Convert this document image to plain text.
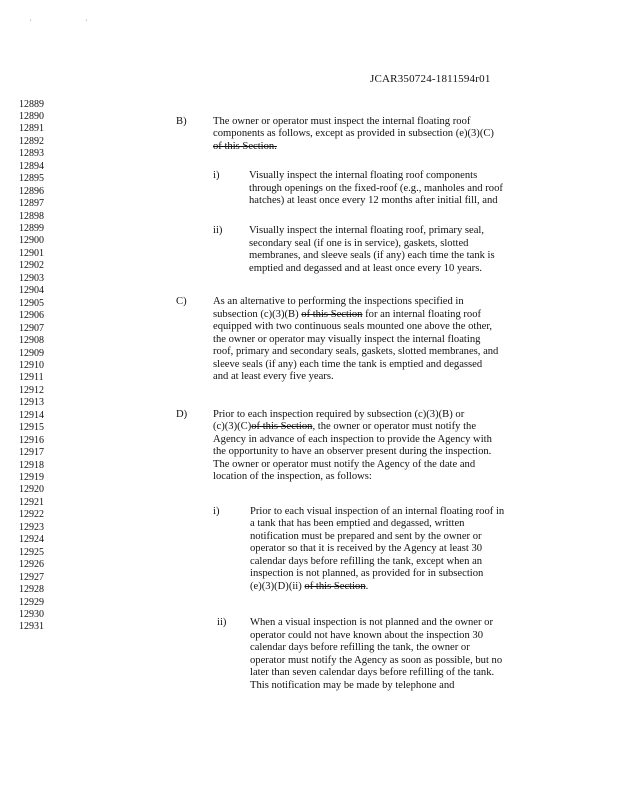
' '
JCAR350724-1811594r01
12889
12890
12891
12892
12893
12894
12895
12896
12897
12898
12899
12900
12901
12902
12903
12904
12905
12906
12907
12908
12909
12910
12911
12912
12913
12914
12915
12916
12917
12918
12919
12920
12921
12922
12923
12924
12925
12926
12927
12928
12929
12930
12931
B) The owner or operator must inspect the internal floating roof
components as follows, except as provided in subsection (e)(3)(C)
of this Section.
i)	Visually inspect the internal floating roof components
through openings on the fixed-roof (e.g., manholes and roof
hatches) at least once every 12 months after initial fill, and
ii)	Visually inspect the internal floating roof, primary seal,
secondary seal (if one is in service), gaskets, slotted
membranes, and sleeve seals (if any) each time the tank is
emptied and degassed and at least once every 10 years.
C) As an alternative to performing the inspections specified in
subsection (c)(3)(B) of this Section for an internal floating roof
equipped with two continuous seals mounted one above the other,
the owner or operator may visually inspect the internal floating
roof, primary and secondary seals, gaskets, slotted membranes, and
sleeve seals (if any) each time the tank is emptied and degassed
and at least every five years.
D) Prior to each inspection required by subsection (c)(3)(B) or
(c)(3)(C)of this Section, the owner or operator must notify the
Agency in advance of each inspection to provide the Agency with
the opportunity to have an observer present during the inspection.
The owner or operator must notify the Agency of the date and
location of the inspection, as follows:
i)	Prior to each visual inspection of an internal floating roof in
a tank that has been emptied and degassed, written
notification must be prepared and sent by the owner or
operator so that it is received by the Agency at least 30
calendar days before refilling the tank, except when an
inspection is not planned, as provided for in subsection
(e)(3)(D)(ii) of this Section.
ii) When a visual inspection is not planned and the owner or
operator could not have known about the inspection 30
calendar days before refilling the tank, the owner or
operator must notify the Agency as soon as possible, but no
later than seven calendar days before refilling of the tank.
This notification may be made by telephone and
